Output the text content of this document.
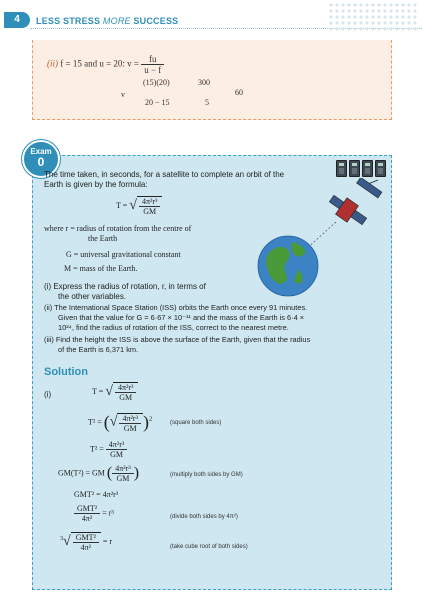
4	LESS STRESS MORE SUCCESS
(ii) f = 15 and u = 20: $v = \frac{fu}{u - f}$
v
(15)(20)	300
60
20 − 15	5
Exam
0
The time taken, in seconds, for a satellite to complete an orbit of the
Earth is given by the formula:
T = √ $\frac{\text{4π²r³}}{GM}$
where r = radius of rotation from the centre of
the Earth
G = universal gravitational constant
M = mass of the Earth.
(i) Express the radius of rotation, r, in terms of
the other variables.
(ii) The International Space Station (ISS) orbits the Earth once every 91 minutes.
Given that the value for G = 6·67 × 10⁻¹¹ and the mass of the Earth is 6·4 ×
10²⁴, find the radius of rotation of the ISS, correct to the nearest metre.
(iii) Find the height the ISS is above the surface of the Earth, given that the radius
of the Earth is 6,371 km.
Solution
(i)	T = √ $\frac{\text{4π²r³}}{GM}$
T² = (√ $\frac{\text{4π²r³}}{GM} )^2$
(square both sides)
$T^2 = \frac{\text{4π²r³}}{GM}$
GM(T²) = GM ( $\frac{\text{4π²r³}}{GM}$ )	(multiply both sides by GM)
GMT² = 4π²r³
$\frac{\text{GMT²}}{\text{4π²}} = r^3$	(divide both sides by 4π²)
$^3√ \frac{\text{GMT²}}{\text{4π²}} = r$
(take cube root of both sides)
